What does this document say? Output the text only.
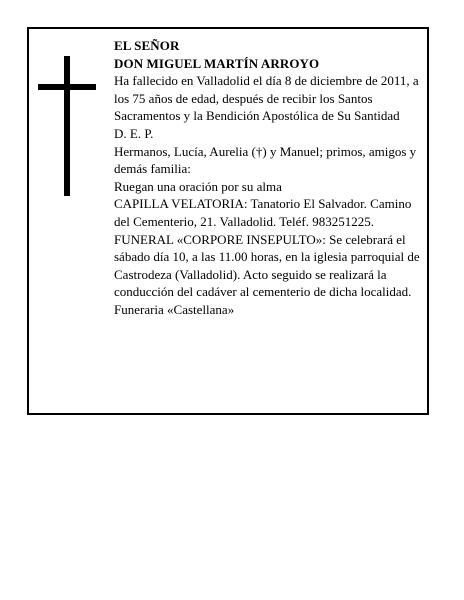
EL SEÑOR
DON MIGUEL MARTÍN ARROYO
Ha fallecido en Valladolid el día 8 de diciembre de 2011, a los 75 años de edad, después de recibir los Santos Sacramentos y la Bendición Apostólica de Su Santidad
D. E. P.
Hermanos, Lucía, Aurelia (†) y Manuel; primos, amigos y demás familia:
Ruegan una oración por su alma
CAPILLA VELATORIA: Tanatorio El Salvador. Camino del Cementerio, 21. Valladolid. Teléf. 983251225.
FUNERAL «CORPORE INSEPULTO»: Se celebrará el sábado día 10, a las 11.00 horas, en la iglesia parroquial de Castrodeza (Valladolid). Acto seguido se realizará la conducción del cadáver al cementerio de dicha localidad.
Funeraria «Castellana»
